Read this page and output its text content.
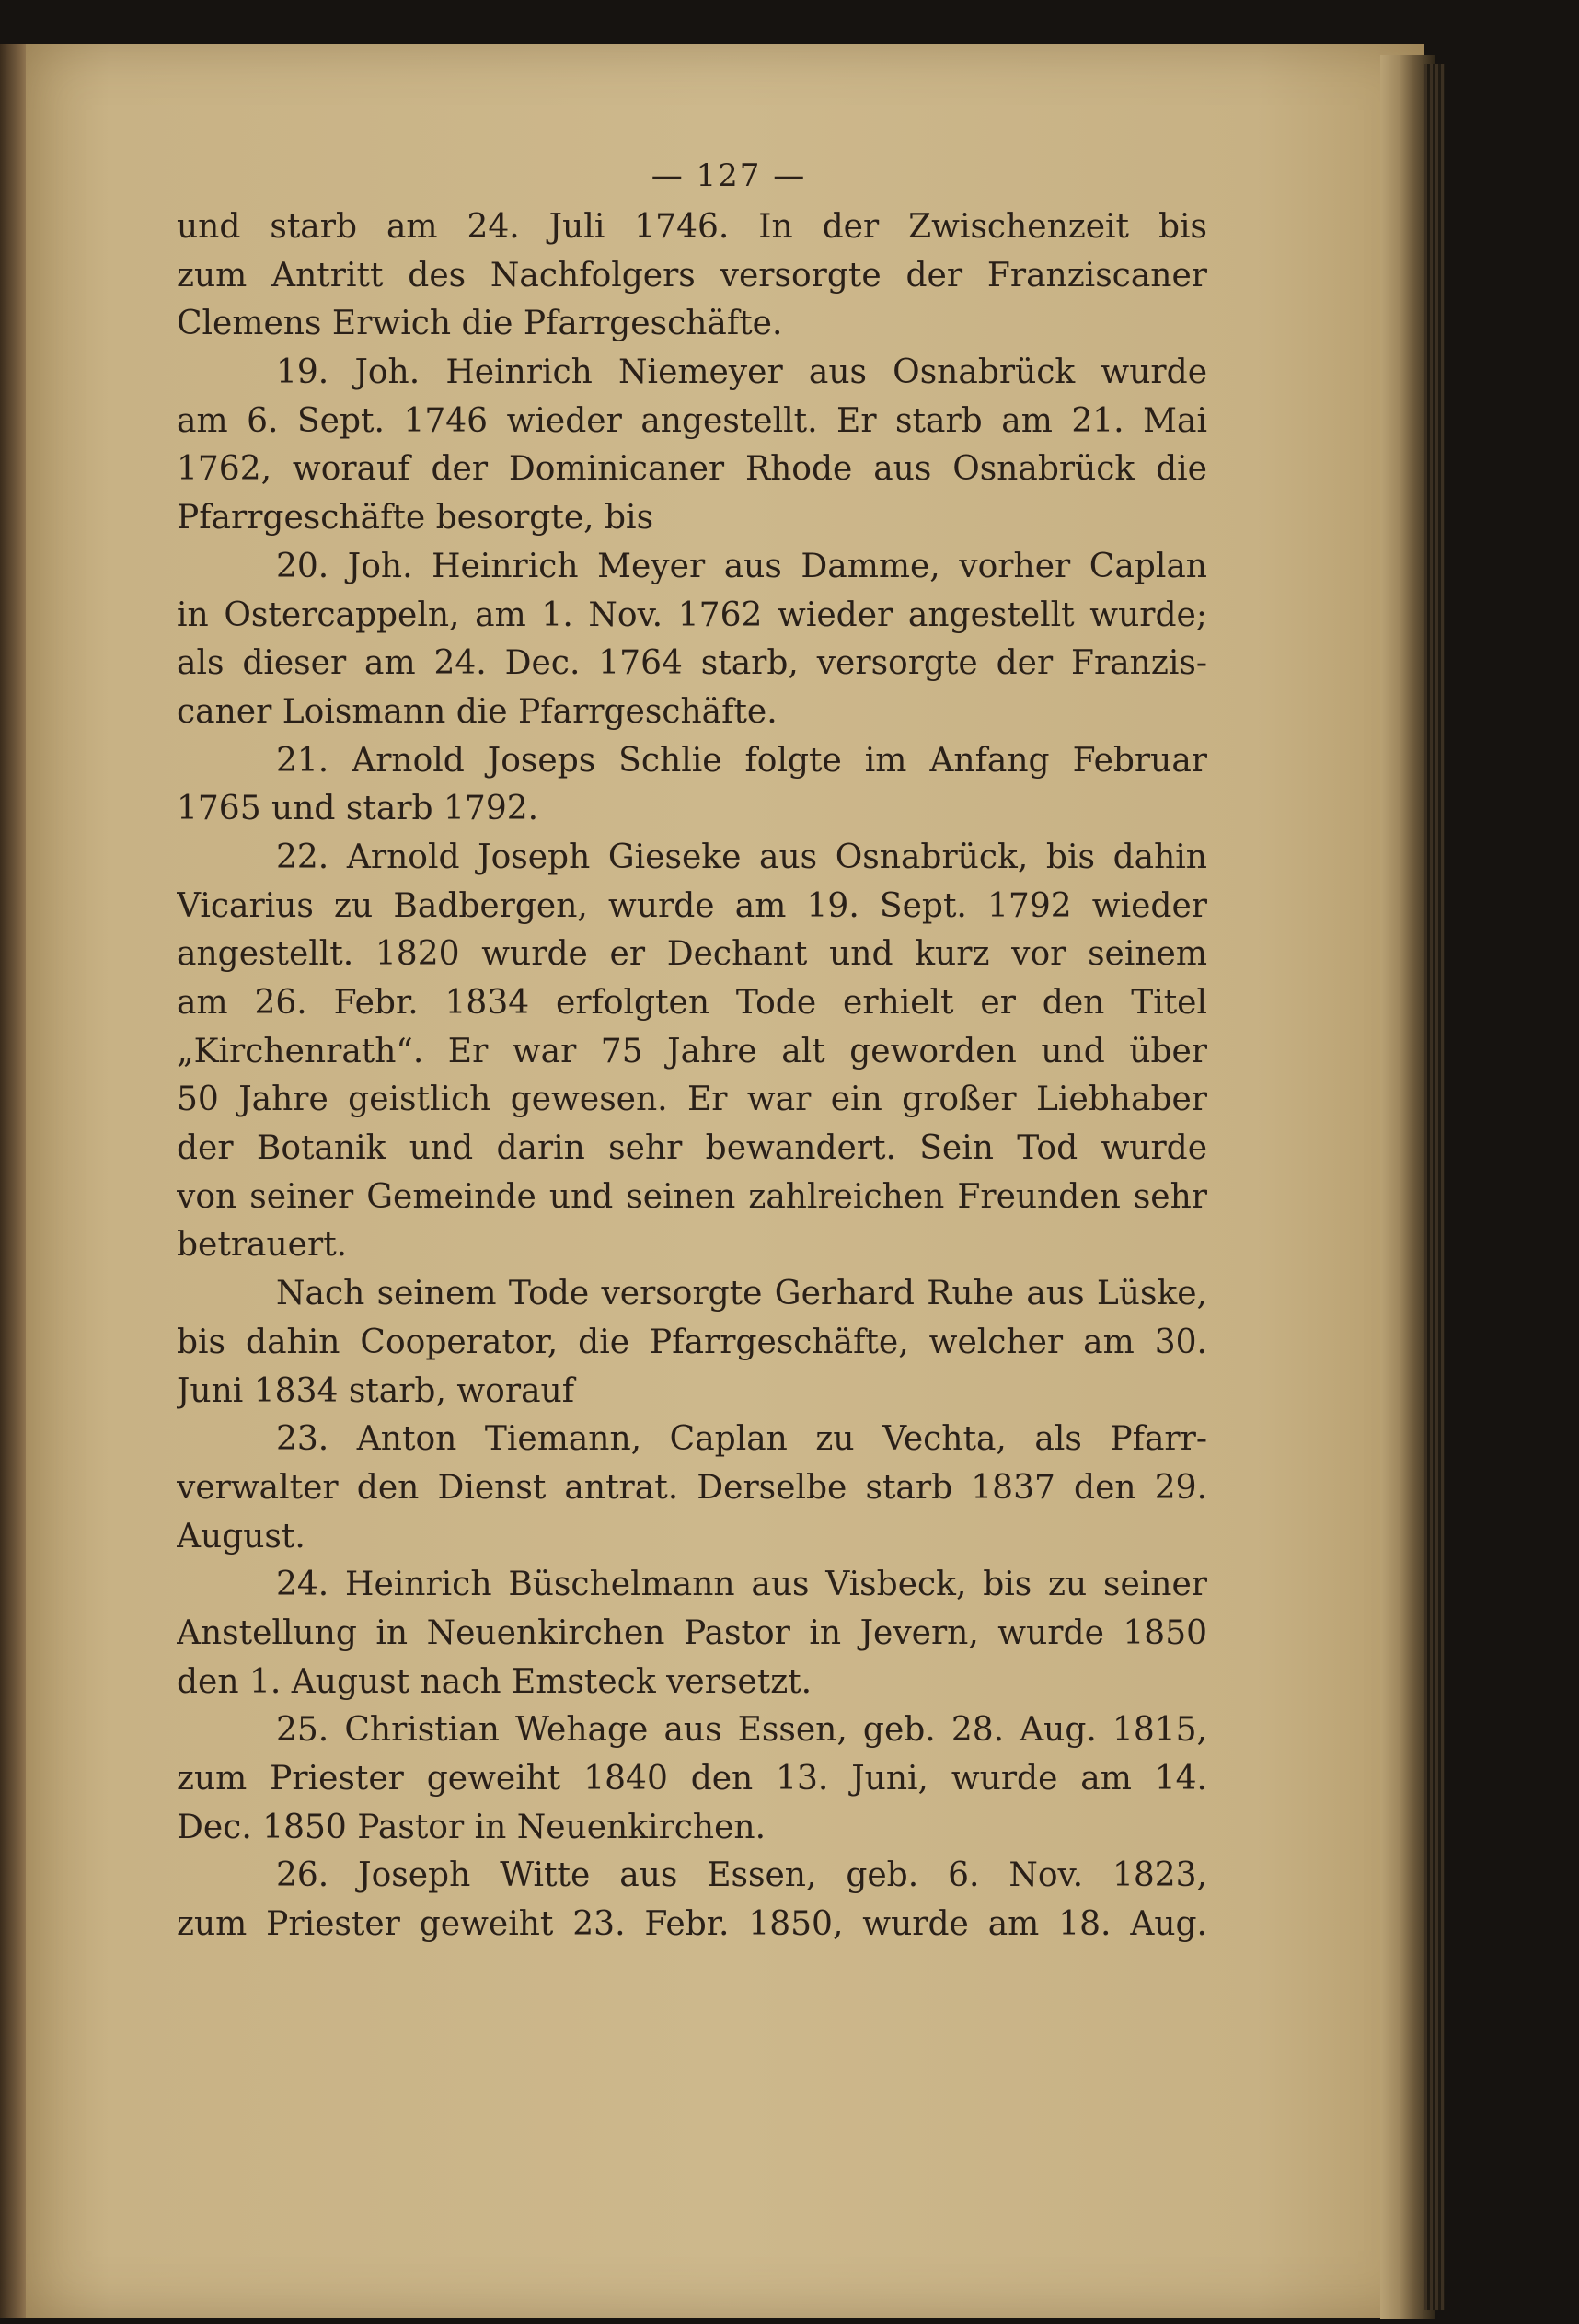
— 127 —
und starb am 24. Juli 1746. In der Zwischenzeit bis
zum Antritt des Nachfolgers versorgte der Franziscaner
Clemens Erwich die Pfarrgeschäfte.
19. Joh. Heinrich Niemeyer aus Osnabrück wurde
am 6. Sept. 1746 wieder angestellt. Er starb am 21. Mai
1762, worauf der Dominicaner Rhode aus Osnabrück die
Pfarrgeschäfte besorgte, bis
20. Joh. Heinrich Meyer aus Damme, vorher Caplan
in Ostercappeln, am 1. Nov. 1762 wieder angestellt wurde;
als dieser am 24. Dec. 1764 starb, versorgte der Franzis-
caner Loismann die Pfarrgeschäfte.
21. Arnold Joseps Schlie folgte im Anfang Februar
1765 und starb 1792.
22. Arnold Joseph Gieseke aus Osnabrück, bis dahin
Vicarius zu Badbergen, wurde am 19. Sept. 1792 wieder
angestellt. 1820 wurde er Dechant und kurz vor seinem
am 26. Febr. 1834 erfolgten Tode erhielt er den Titel
„Kirchenrath“. Er war 75 Jahre alt geworden und über
50 Jahre geistlich gewesen. Er war ein großer Liebhaber
der Botanik und darin sehr bewandert. Sein Tod wurde
von seiner Gemeinde und seinen zahlreichen Freunden sehr
betrauert.
Nach seinem Tode versorgte Gerhard Ruhe aus Lüske,
bis dahin Cooperator, die Pfarrgeschäfte, welcher am 30.
Juni 1834 starb, worauf
23. Anton Tiemann, Caplan zu Vechta, als Pfarr-
verwalter den Dienst antrat. Derselbe starb 1837 den 29.
August.
24. Heinrich Büschelmann aus Visbeck, bis zu seiner
Anstellung in Neuenkirchen Pastor in Jevern, wurde 1850
den 1. August nach Emsteck versetzt.
25. Christian Wehage aus Essen, geb. 28. Aug. 1815,
zum Priester geweiht 1840 den 13. Juni, wurde am 14.
Dec. 1850 Pastor in Neuenkirchen.
26. Joseph Witte aus Essen, geb. 6. Nov. 1823,
zum Priester geweiht 23. Febr. 1850, wurde am 18. Aug.
